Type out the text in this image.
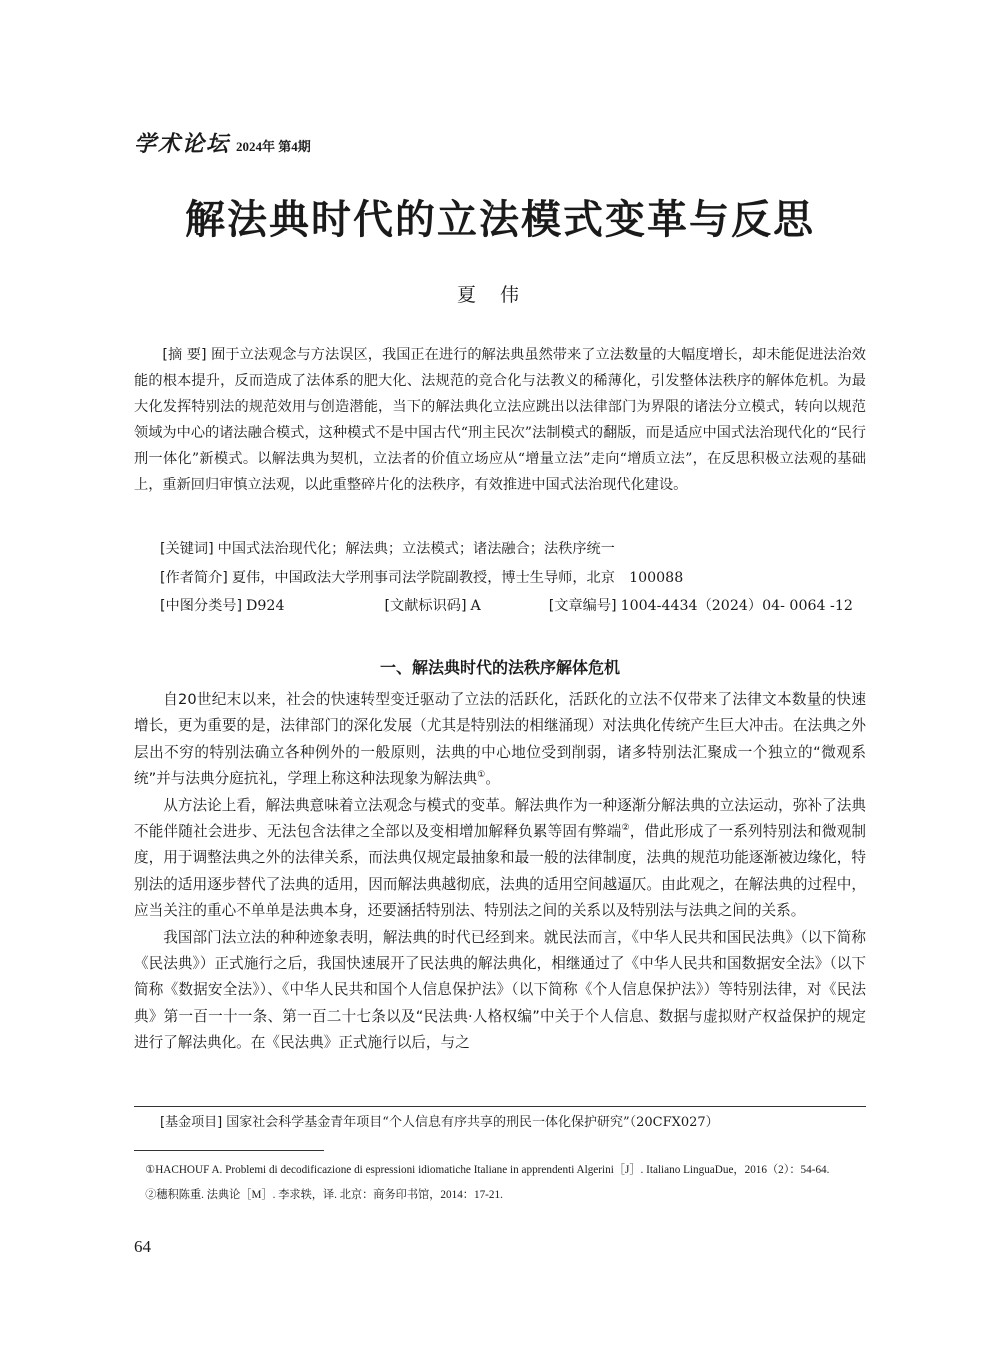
学术论坛 2024年 第4期
解法典时代的立法模式变革与反思
夏伟

[摘 要] 囿于立法观念与方法误区，我国正在进行的解法典虽然带来了立法数量的大幅度增长，却未能促进法治效能的根本提升，反而造成了法体系的肥大化、法规范的竞合化与法教义的稀薄化，引发整体法秩序的解体危机。为最大化发挥特别法的规范效用与创造潜能，当下的解法典化立法应跳出以法律部门为界限的诸法分立模式，转向以规范领域为中心的诸法融合模式，这种模式不是中国古代“刑主民次”法制模式的翻版，而是适应中国式法治现代化的“民行刑一体化”新模式。以解法典为契机，立法者的价值立场应从“增量立法”走向“增质立法”，在反思积极立法观的基础上，重新回归审慎立法观，以此重整碎片化的法秩序，有效推进中国式法治现代化建设。

[关键词] 中国式法治现代化；解法典；立法模式；诸法融合；法秩序统一
[作者简介] 夏伟，中国政法大学刑事司法学院副教授，博士生导师，北京　100088
[中图分类号] D924	[文献标识码] A	[文章编号] 1004-4434（2024）04- 0064 -12
一、解法典时代的法秩序解体危机

自20世纪末以来，社会的快速转型变迁驱动了立法的活跃化，活跃化的立法不仅带来了法律文本数量的快速增长，更为重要的是，法律部门的深化发展（尤其是特别法的相继涌现）对法典化传统产生巨大冲击。在法典之外层出不穷的特别法确立各种例外的一般原则，法典的中心地位受到削弱，诸多特别法汇聚成一个独立的“微观系统”并与法典分庭抗礼，学理上称这种法现象为解法典①。

从方法论上看，解法典意味着立法观念与模式的变革。解法典作为一种逐渐分解法典的立法运动，弥补了法典不能伴随社会进步、无法包含法律之全部以及变相增加解释负累等固有弊端②，借此形成了一系列特别法和微观制度，用于调整法典之外的法律关系，而法典仅规定最抽象和最一般的法律制度，法典的规范功能逐渐被边缘化，特别法的适用逐步替代了法典的适用，因而解法典越彻底，法典的适用空间越逼仄。由此观之，在解法典的过程中，应当关注的重心不单单是法典本身，还要涵括特别法、特别法之间的关系以及特别法与法典之间的关系。

我国部门法立法的种种迹象表明，解法典的时代已经到来。就民法而言，《中华人民共和国民法典》（以下简称《民法典》）正式施行之后，我国快速展开了民法典的解法典化，相继通过了《中华人民共和国数据安全法》（以下简称《数据安全法》）、《中华人民共和国个人信息保护法》（以下简称《个人信息保护法》）等特别法律，对《民法典》第一百一十一条、第一百二十七条以及“民法典·人格权编”中关于个人信息、数据与虚拟财产权益保护的规定进行了解法典化。在《民法典》正式施行以后，与之

[基金项目] 国家社会科学基金青年项目“个人信息有序共享的刑民一体化保护研究”（20CFX027）

①HACHOUF A. Problemi di decodificazione di espressioni idiomatiche Italiane in apprendenti Algerini［J］. Italiano LinguaDue，2016（2）：54-64.

②穗积陈重. 法典论［M］. 李求轶，译. 北京：商务印书馆，2014：17-21.

64
